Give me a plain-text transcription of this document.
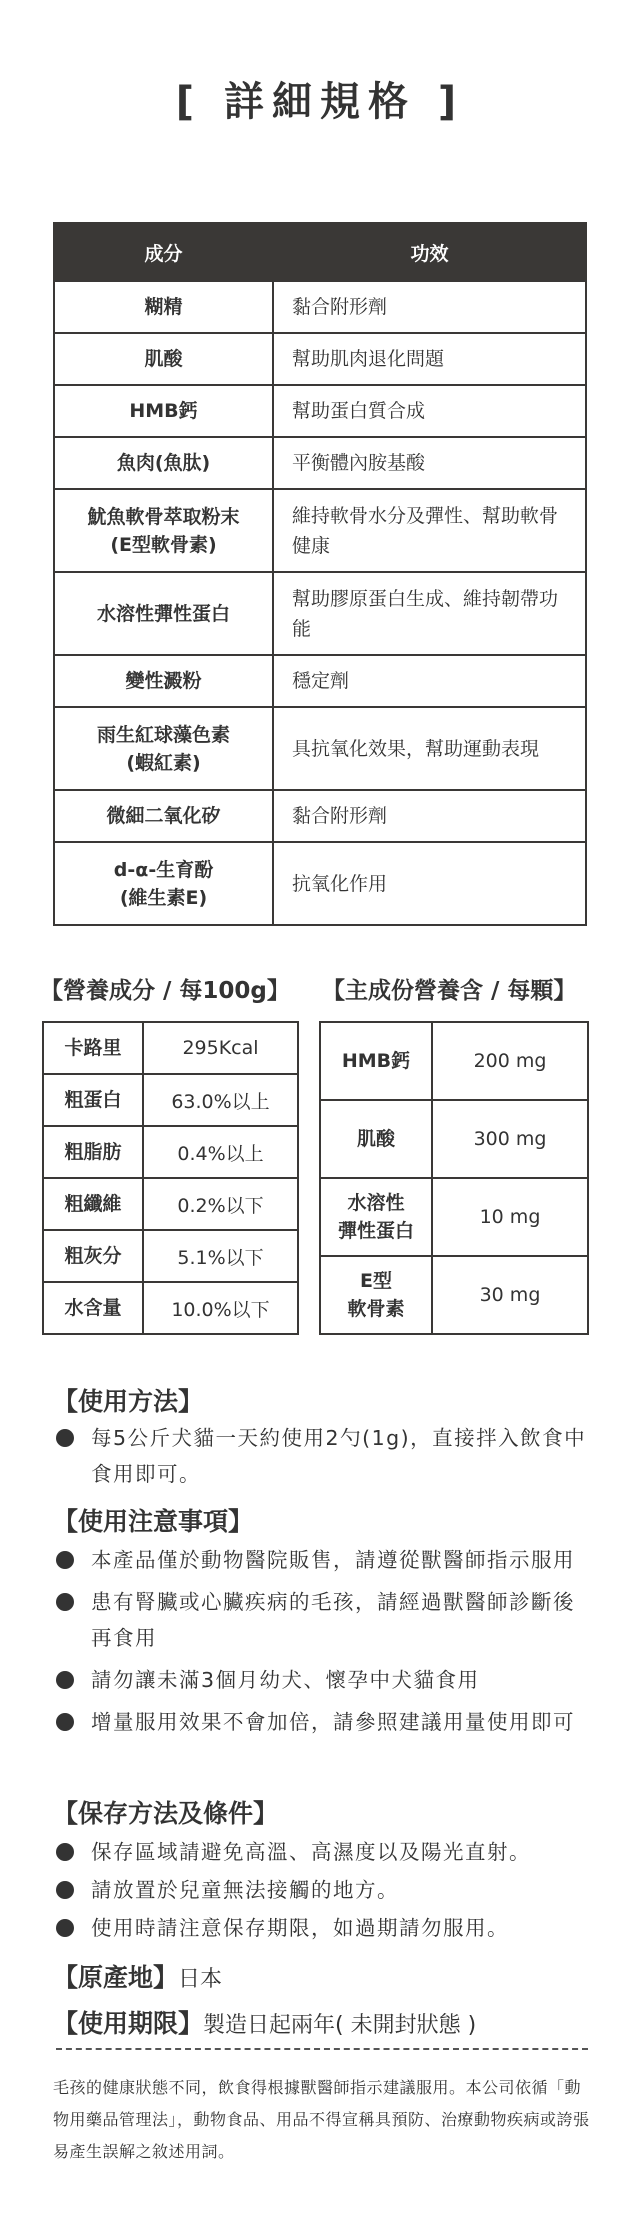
[ 詳細規格 ]
成分	功效
糊精	黏合附形劑
肌酸	幫助肌肉退化問題
HMB鈣	幫助蛋白質合成
魚肉(魚肽)	平衡體內胺基酸
魷魚軟骨萃取粉末
(E型軟骨素)	維持軟骨水分及彈性、幫助軟骨健康
水溶性彈性蛋白	幫助膠原蛋白生成、維持韌帶功能
變性澱粉	穩定劑
雨生紅球藻色素
(蝦紅素)	具抗氧化效果，幫助運動表現
微細二氧化矽	黏合附形劑
d-α-生育酚
(維生素E)	抗氧化作用
【營養成分 / 每100g】 【主成份營養含 / 每顆】
卡路里	295Kcal
粗蛋白	63.0%以上
粗脂肪	0.4%以上
粗纖維	0.2%以下
粗灰分	5.1%以下
水含量	10.0%以下
HMB鈣	200 mg
肌酸	300 mg
水溶性
彈性蛋白	10 mg
E型
軟骨素	30 mg
【使用方法】
每5公斤犬貓一天約使用2勺(1g)，直接拌入飲食中食用即可。
【使用注意事項】
本產品僅於動物醫院販售，請遵從獸醫師指示服用
患有腎臟或心臟疾病的毛孩，請經過獸醫師診斷後再食用
請勿讓未滿3個月幼犬、懷孕中犬貓食用
增量服用效果不會加倍，請參照建議用量使用即可
【保存方法及條件】
保存區域請避免高溫、高濕度以及陽光直射。
請放置於兒童無法接觸的地方。
使用時請注意保存期限，如過期請勿服用。
【原產地】日本
【使用期限】製造日起兩年( 未開封狀態 )
毛孩的健康狀態不同，飲食得根據獸醫師指示建議服用。本公司依循「動物用藥品管理法」，動物食品、用品不得宣稱具預防、治療動物疾病或誇張易產生誤解之敘述用詞。
